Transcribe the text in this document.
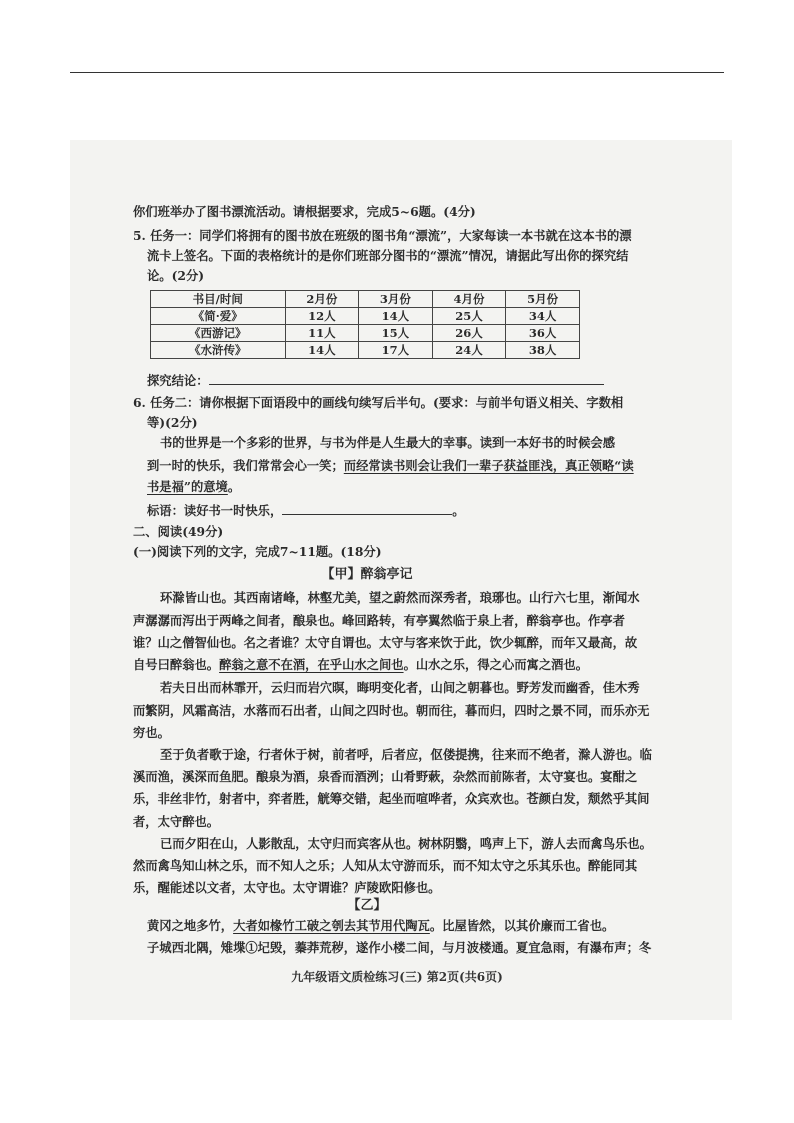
你们班举办了图书漂流活动。请根据要求，完成5~6题。(4分)
5. 任务一：同学们将拥有的图书放在班级的图书角“漂流”，大家每读一本书就在这本书的漂
流卡上签名。下面的表格统计的是你们班部分图书的“漂流”情况，请据此写出你的探究结
论。(2分)
书目/时间	2月份	3月份	4月份	5月份
《简·爱》	12人	14人	25人	34人
《西游记》	11人	15人	26人	36人
《水浒传》	14人	17人	24人	38人
探究结论：
6. 任务二：请你根据下面语段中的画线句续写后半句。(要求：与前半句语义相关、字数相
等)(2分)
书的世界是一个多彩的世界，与书为伴是人生最大的幸事。读到一本好书的时候会感
到一时的快乐，我们常常会心一笑；而经常读书则会让我们一辈子获益匪浅，真正领略“读
书是福”的意境。
标语：读好书一时快乐，	。
二、阅读(49分)
(一)阅读下列的文字，完成7~11题。(18分)
【甲】醉翁亭记
环滁皆山也。其西南诸峰，林壑尤美，望之蔚然而深秀者，琅琊也。山行六七里，渐闻水
声潺潺而泻出于两峰之间者，酿泉也。峰回路转，有亭翼然临于泉上者，醉翁亭也。作亭者
谁？山之僧智仙也。名之者谁？太守自谓也。太守与客来饮于此，饮少辄醉，而年又最高，故
自号曰醉翁也。醉翁之意不在酒，在乎山水之间也。山水之乐，得之心而寓之酒也。
若夫日出而林霏开，云归而岩穴暝，晦明变化者，山间之朝暮也。野芳发而幽香，佳木秀
而繁阴，风霜高洁，水落而石出者，山间之四时也。朝而往，暮而归，四时之景不同，而乐亦无
穷也。
至于负者歌于途，行者休于树，前者呼，后者应，伛偻提携，往来而不绝者，滁人游也。临
溪而渔，溪深而鱼肥。酿泉为酒，泉香而酒洌；山肴野蔌，杂然而前陈者，太守宴也。宴酣之
乐，非丝非竹，射者中，弈者胜，觥筹交错，起坐而喧哗者，众宾欢也。苍颜白发，颓然乎其间
者，太守醉也。
已而夕阳在山，人影散乱，太守归而宾客从也。树林阴翳，鸣声上下，游人去而禽鸟乐也。
然而禽鸟知山林之乐，而不知人之乐；人知从太守游而乐，而不知太守之乐其乐也。醉能同其
乐，醒能述以文者，太守也。太守谓谁？庐陵欧阳修也。
【乙】
黄冈之地多竹，大者如椽竹工破之刳去其节用代陶瓦。比屋皆然，以其价廉而工省也。
子城西北隅，雉堞①圮毁，蓁莽荒秽，遂作小楼二间，与月波楼通。夏宜急雨，有瀑布声；冬
九年级语文质检练习(三) 第2页(共6页)
